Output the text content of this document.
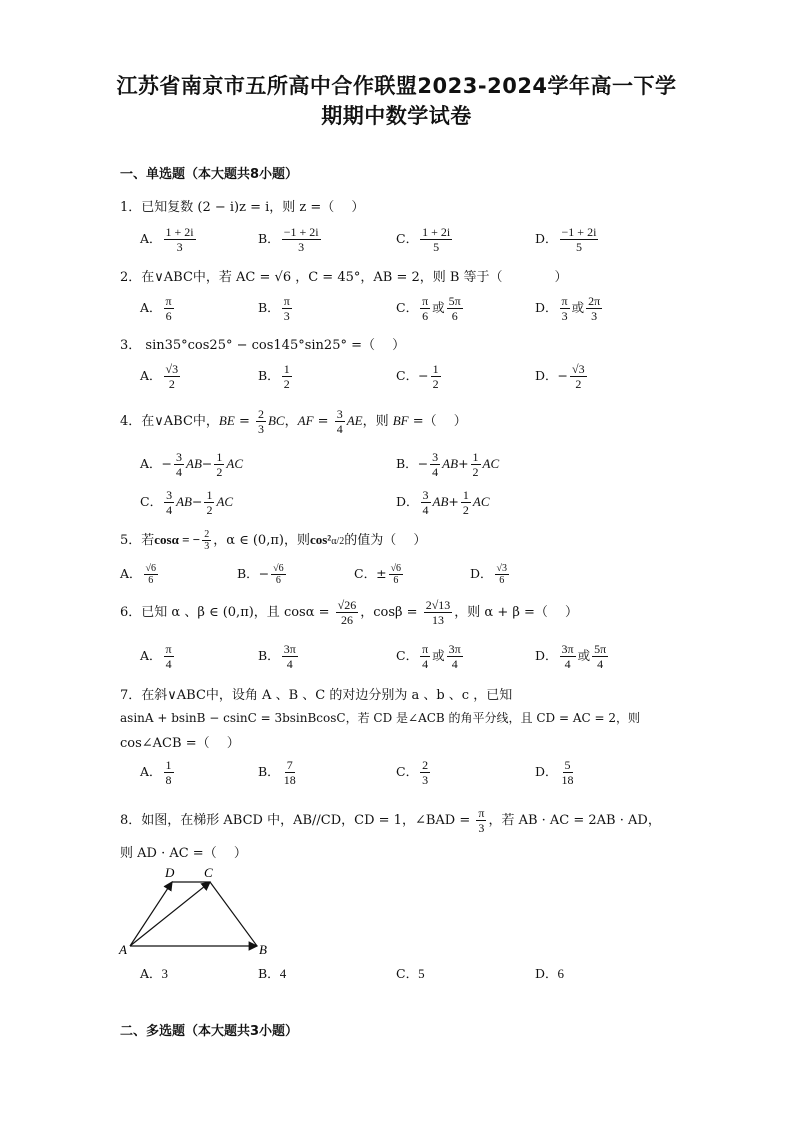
江苏省南京市五所高中合作联盟2023-2024学年高一下学
期期中数学试卷
一、单选题（本大题共8小题）
1．已知复数 (2 − i)z = i，则 z =（　 ）
A． $\frac{1 + 2i}{3}$	B． $\frac{-1 + 2i}{3}$	C． $\frac{1 + 2i}{5}$	D． $\frac{-1 + 2i}{5}$
2．在∨ABC中，若 AC = √6 ，C = 45°，AB = 2，则 B 等于（　　　　）
A． $\frac{\pi}{6}$	B． $\frac{\pi}{3}$	C． $\frac{\pi}{6}$ 或 $\frac{5\pi}{6}$	D． $\frac{\pi}{3}$ 或 $\frac{2\pi}{3}$
3． sin35°cos25° − cos145°sin25° =（　 ）
A． $\frac{√3}{2}$	B． $\frac{1}{2}$	C．− $\frac{1}{2}$	D．− $\frac{√3}{2}$
4．在∨ABC中，BE = $\frac{2}{3}$ BC，AF = $\frac{3}{4}$ AE，则 BF =（　 ）
A．− $\frac{3}{4} AB- \frac{1}{2}$ AC	B．− $\frac{3}{4} AB+ \frac{1}{2}$ AC
C． $\frac{3}{4} AB- \frac{1}{2}$ AC	D． $\frac{3}{4} AB+ \frac{1}{2}$ AC
5．若cosα = − $\frac{2}{3}$ ，α ∈ (0,π)，则cos²α/2的值为（　 ）
A． $\frac{√6}{6}$	B．− $\frac{√6}{6}$	C．± $\frac{√6}{6}$	D． $\frac{√3}{6}$
6．已知 α 、β ∈ (0,π)，且 $\cos\alpha = \frac{√26}{26}$ ，$\cos\beta = \frac{2√13}{13}$ ，则 α + β =（　 ）
A． $\frac{\pi}{4}$	B． $\frac{3\pi}{4}$	C． $\frac{\pi}{4}$ 或 $\frac{3\pi}{4}$	D． $\frac{3\pi}{4}$ 或 $\frac{5\pi}{4}$
7．在斜∨ABC中，设角 A 、B 、C 的对边分别为 a 、b 、c ，已知
asinA + bsinB − csinC = 3bsinBcosC，若 CD 是∠ACB 的角平分线，且 CD = AC = 2，则
cos∠ACB =（　 ）
A． $\frac{1}{8}$	B． $\frac{7}{18}$	C． $\frac{2}{3}$	D． $\frac{5}{18}$
8．如图，在梯形 ABCD 中，AB//CD，CD = 1，∠BAD = $\frac{\pi}{3}$ ，若 AB · AC = 2AB · AD，
则 AD · AC =（　 ）
D C
A	B
A．3	B．4	C．5	D．6
二、多选题（本大题共3小题）
